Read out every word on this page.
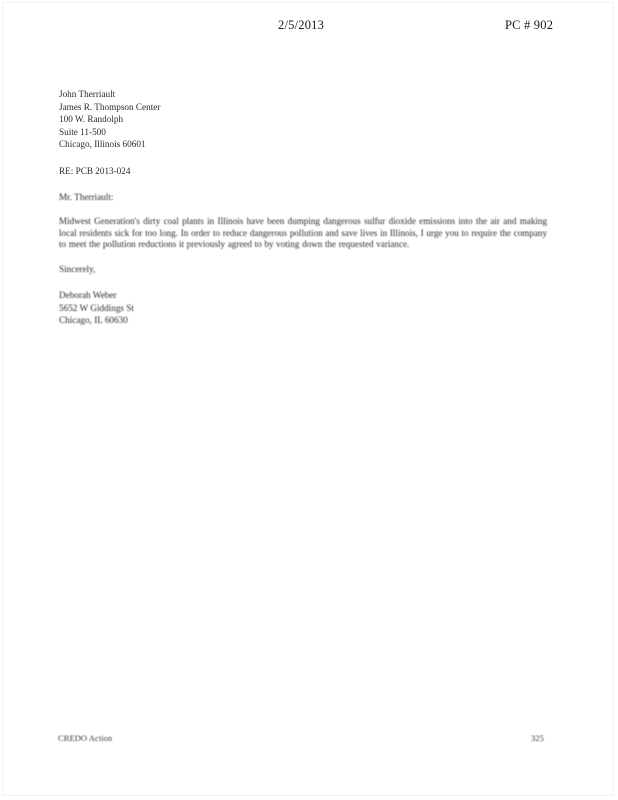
2/5/2013	PC # 902
John Therriault
James R. Thompson Center
100 W. Randolph
Suite 11-500
Chicago, Illinois 60601
RE: PCB 2013-024
Mr. Therriault:
Midwest Generation's dirty coal plants in Illinois have been dumping dangerous sulfur dioxide emissions into the air and making local residents sick for too long. In order to reduce dangerous pollution and save lives in Illinois, I urge you to require the company to meet the pollution reductions it previously agreed to by voting down the requested variance.
Sincerely,
Deborah Weber
5652 W Giddings St
Chicago, IL 60630
CREDO Action	325
